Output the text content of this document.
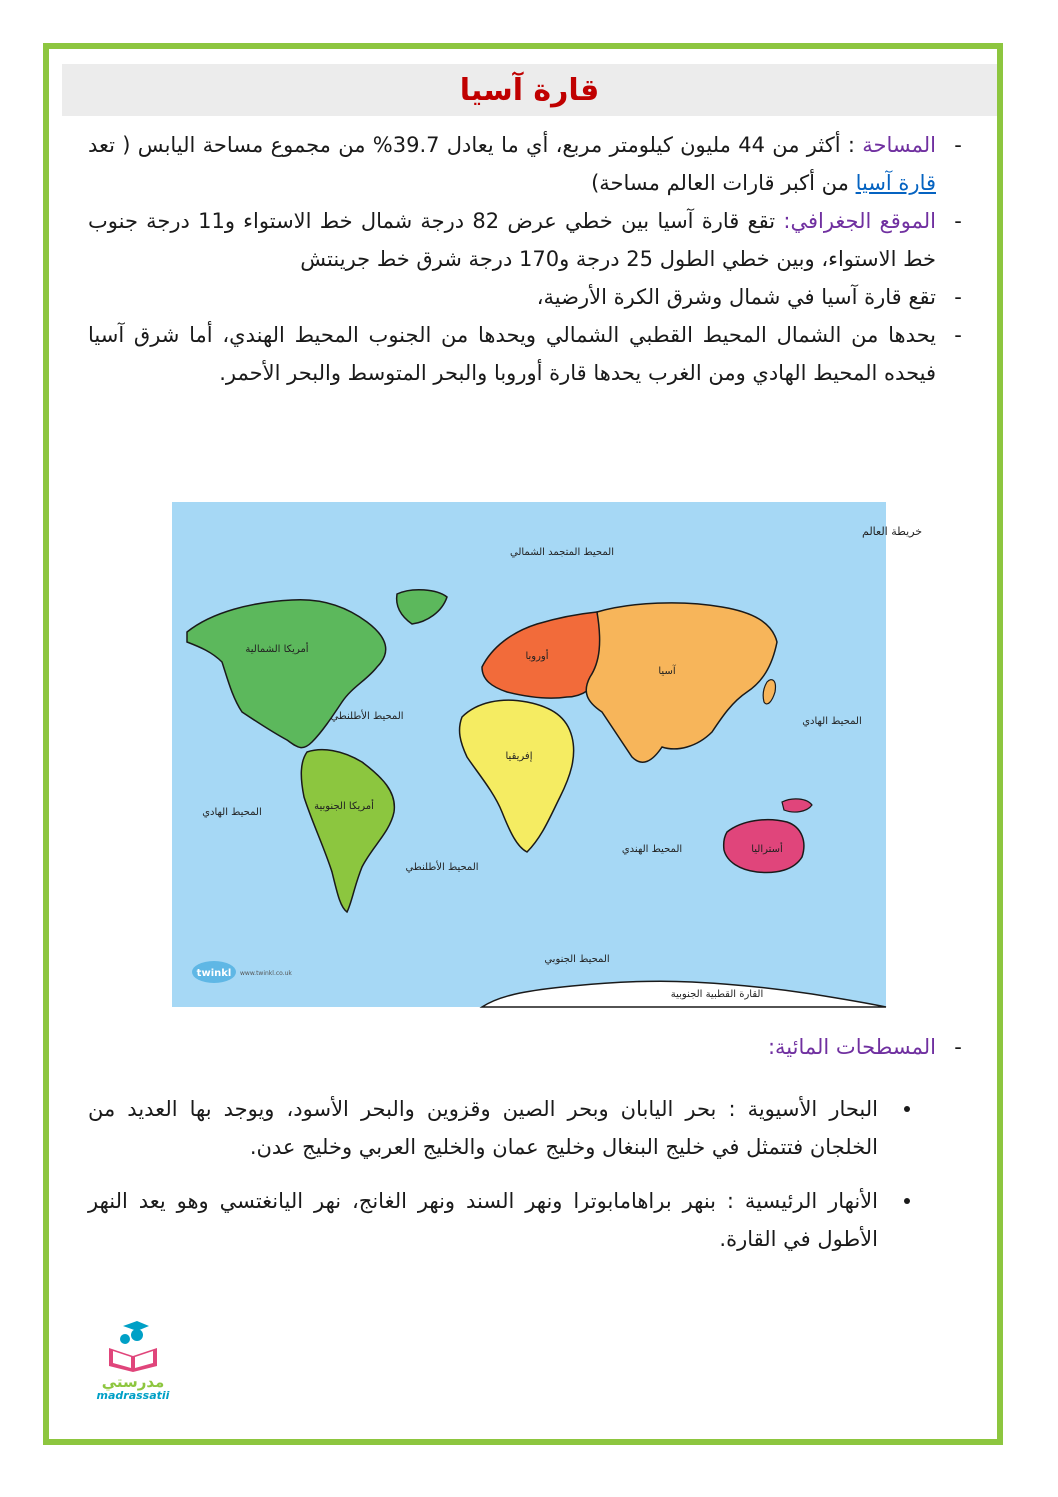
قارة آسيا

-
المساحة : أكثر من 44 مليون كيلومتر مربع، أي ما يعادل 39.7% من مجموع مساحة اليابس ( تعد قارة آسيا من أكبر قارات العالم مساحة)

-
الموقع الجغرافي: تقع قارة آسيا بين خطي عرض 82 درجة شمال خط الاستواء و11 درجة جنوب خط الاستواء، وبين خطي الطول 25 درجة و170 درجة شرق خط جرينتش

-
تقع قارة آسيا في شمال وشرق الكرة الأرضية،

-
يحدها من الشمال المحيط القطبي الشمالي ويحدها من الجنوب المحيط الهندي، أما شرق آسيا فيحده المحيط الهادي ومن الغرب يحدها قارة أوروبا والبحر المتوسط والبحر الأحمر.

خريطة العالم
المحيط المتجمد الشمالي
أمريكا الشمالية
أوروبا
آسيا
المحيط الأطلنطي	المحيط الهادي
إفريقيا
أمريكا الجنوبية
المحيط الهادي
المحيط الهندي	أستراليا
المحيط الأطلنطي
المحيط الجنوبي
القارة القطبية الجنوبية
twinkl www.twinkl.co.uk

-
المسطحات المائية:

البحار الأسيوية : بحر اليابان وبحر الصين وقزوين والبحر الأسود، ويوجد بها العديد من الخلجان فتتمثل في خليج البنغال وخليج عمان والخليج العربي وخليج عدن.
الأنهار الرئيسية : بنهر براهامابوترا ونهر السند ونهر الغانج، نهر اليانغتسي وهو يعد النهر الأطول في القارة.
مدرستي
madrassatii
